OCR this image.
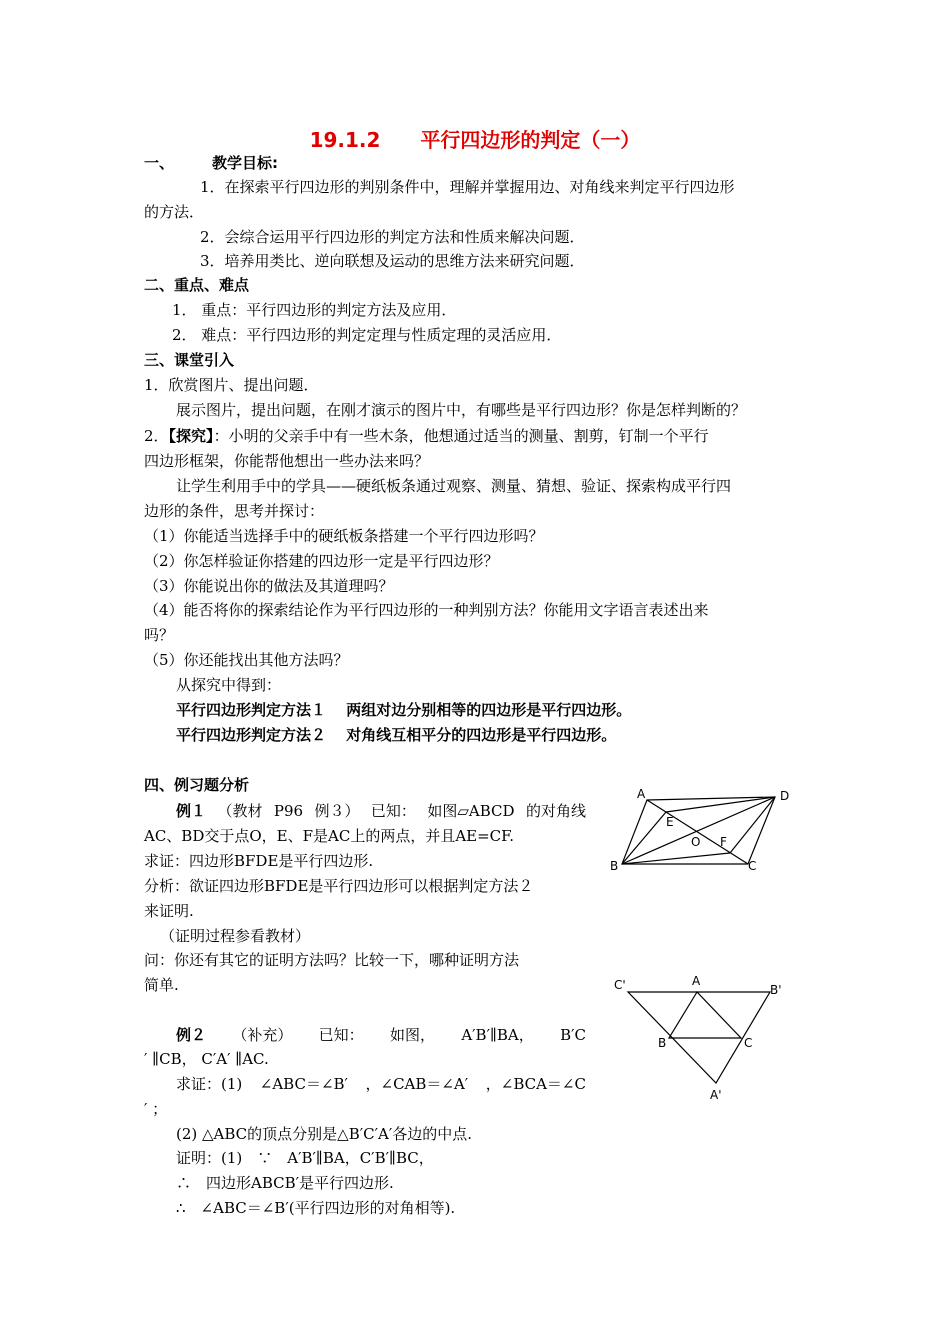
19.1.2　　平行四边形的判定（一）
一、	教学目标:
1．在探索平行四边形的判别条件中，理解并掌握用边、对角线来判定平行四边形
的方法．
2．会综合运用平行四边形的判定方法和性质来解决问题．
3．培养用类比、逆向联想及运动的思维方法来研究问题．
二、重点、难点
1． 重点：平行四边形的判定方法及应用．
2． 难点：平行四边形的判定定理与性质定理的灵活应用．
三、课堂引入
1．欣赏图片、提出问题．
展示图片，提出问题，在刚才演示的图片中，有哪些是平行四边形？你是怎样判断的？
2．【探究】：小明的父亲手中有一些木条，他想通过适当的测量、割剪，钉制一个平行
四边形框架，你能帮他想出一些办法来吗？
让学生利用手中的学具——硬纸板条通过观察、测量、猜想、验证、探索构成平行四
边形的条件，思考并探讨：
（1）你能适当选择手中的硬纸板条搭建一个平行四边形吗？
（2）你怎样验证你搭建的四边形一定是平行四边形？
（3）你能说出你的做法及其道理吗？
（4）能否将你的探索结论作为平行四边形的一种判别方法？你能用文字语言表述出来
吗？
（5）你还能找出其他方法吗？
从探究中得到：
平行四边形判定方法１　 两组对边分别相等的四边形是平行四边形。
平行四边形判定方法２　 对角线互相平分的四边形是平行四边形。
四、例习题分析
例１ （教材 P96 例３） 已知： 如图▱ABCD 的对角线
AC、BD交于点O，E、F是AC上的两点，并且AE=CF.
求证：四边形BFDE是平行四边形.
分析：欲证四边形BFDE是平行四边形可以根据判定方法２
来证明.
（证明过程参看教材）
问：你还有其它的证明方法吗？比较一下，哪种证明方法
简单.
例２ （补充） 已知： 如图， A′B′∥BA， B′C
′ ∥CB， C′A′ ∥AC.
求证：(1) ∠ABC＝∠B′ ，∠CAB＝∠A′ ，∠BCA＝∠C
′ ；
(2) △ABC的顶点分别是△B′C′A′各边的中点.
证明：(1)　∵　A′B′∥BA，C′B′∥BC，
∴　四边形ABCB′是平行四边形.
∴　∠ABC＝∠B′(平行四边形的对角相等).
A	D
E
O F
B	C
C'	A
B'
B	C
A'
